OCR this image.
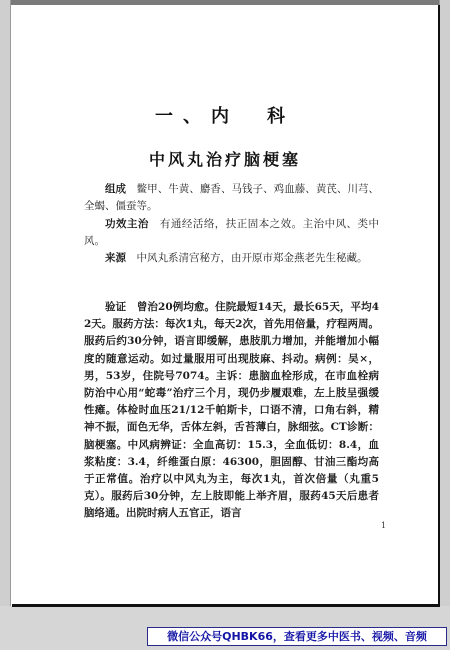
一、内　科
中风丸治疗脑梗塞
组成　 鳖甲、牛黄、麝香、马钱子、鸡血藤、黄芪、川芎、全蝎、僵蚕等。
功效主治　 有通经活络，扶正固本之效。主治中风、类中风。
来源　 中风丸系清宫秘方，由开原市郑金燕老先生秘藏。
验证　 曾治20例均愈。住院最短14天，最长65天，平均42天。服药方法：每次1丸，每天2次，首先用倍量，疗程两周。服药后约30分钟，语言即缓解，患肢肌力增加，并能增加小幅度的随意运动。如过量服用可出现肢麻、抖动。病例：吴×，男，53岁，住院号7074。主诉：患脑血栓形成，在市血栓病防治中心用“蛇毒”治疗三个月，现仍步履艰难，左上肢呈强缓性瘫。体检时血压21/12千帕斯卡，口语不清，口角右斜，精神不振，面色无华，舌体左斜，舌苔薄白，脉细弦。CT诊断：脑梗塞。中风病辨证：全血高切：15.3，全血低切：8.4，血浆粘度：3.4，纤维蛋白原：46300，胆固醇、甘油三酯均高于正常值。治疗以中风丸为主，每次1丸，首次倍量（丸重5克）。服药后30分钟，左上肢即能上举齐眉，服药45天后患者脑络通。出院时病人五官正，语言
1
微信公众号QHBK66，查看更多中医书、视频、音频
